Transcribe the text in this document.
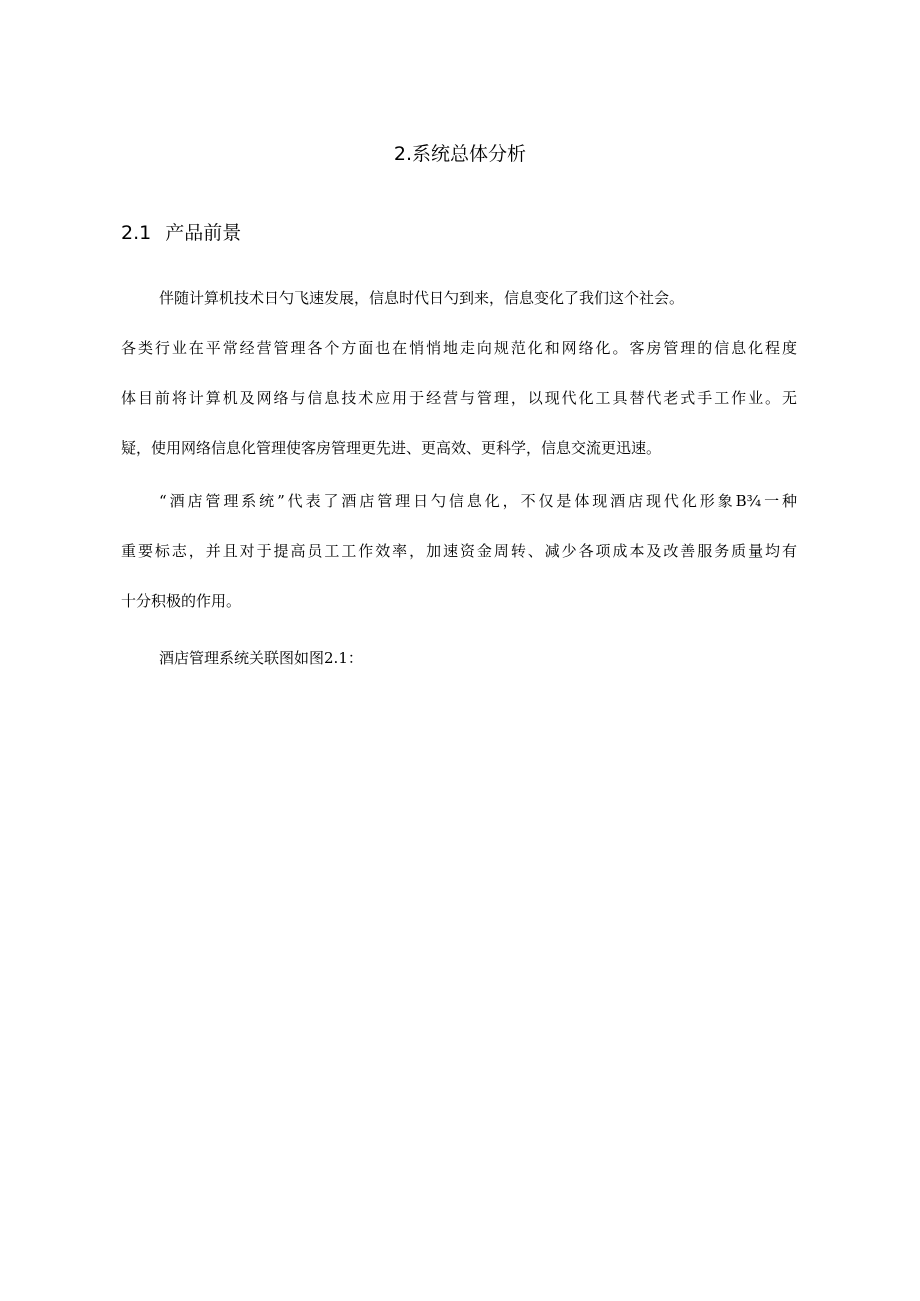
2.系统总体分析
2.1 产品前景

伴随计算机技术日勺飞速发展，信息时代日勺到来，信息变化了我们这个社会。

各类行业在平常经营管理各个方面也在悄悄地走向规范化和网络化。客房管理的信息化程度

体目前将计算机及网络与信息技术应用于经营与管理，以现代化工具替代老式手工作业。无

疑，使用网络信息化管理使客房管理更先进、更高效、更科学，信息交流更迅速。

“酒店管理系统”代表了酒店管理日勺信息化，不仅是体现酒店现代化形象B¾一种

重要标志，并且对于提高员工工作效率，加速资金周转、减少各项成本及改善服务质量均有

十分积极的作用。

酒店管理系统关联图如图2.1：
